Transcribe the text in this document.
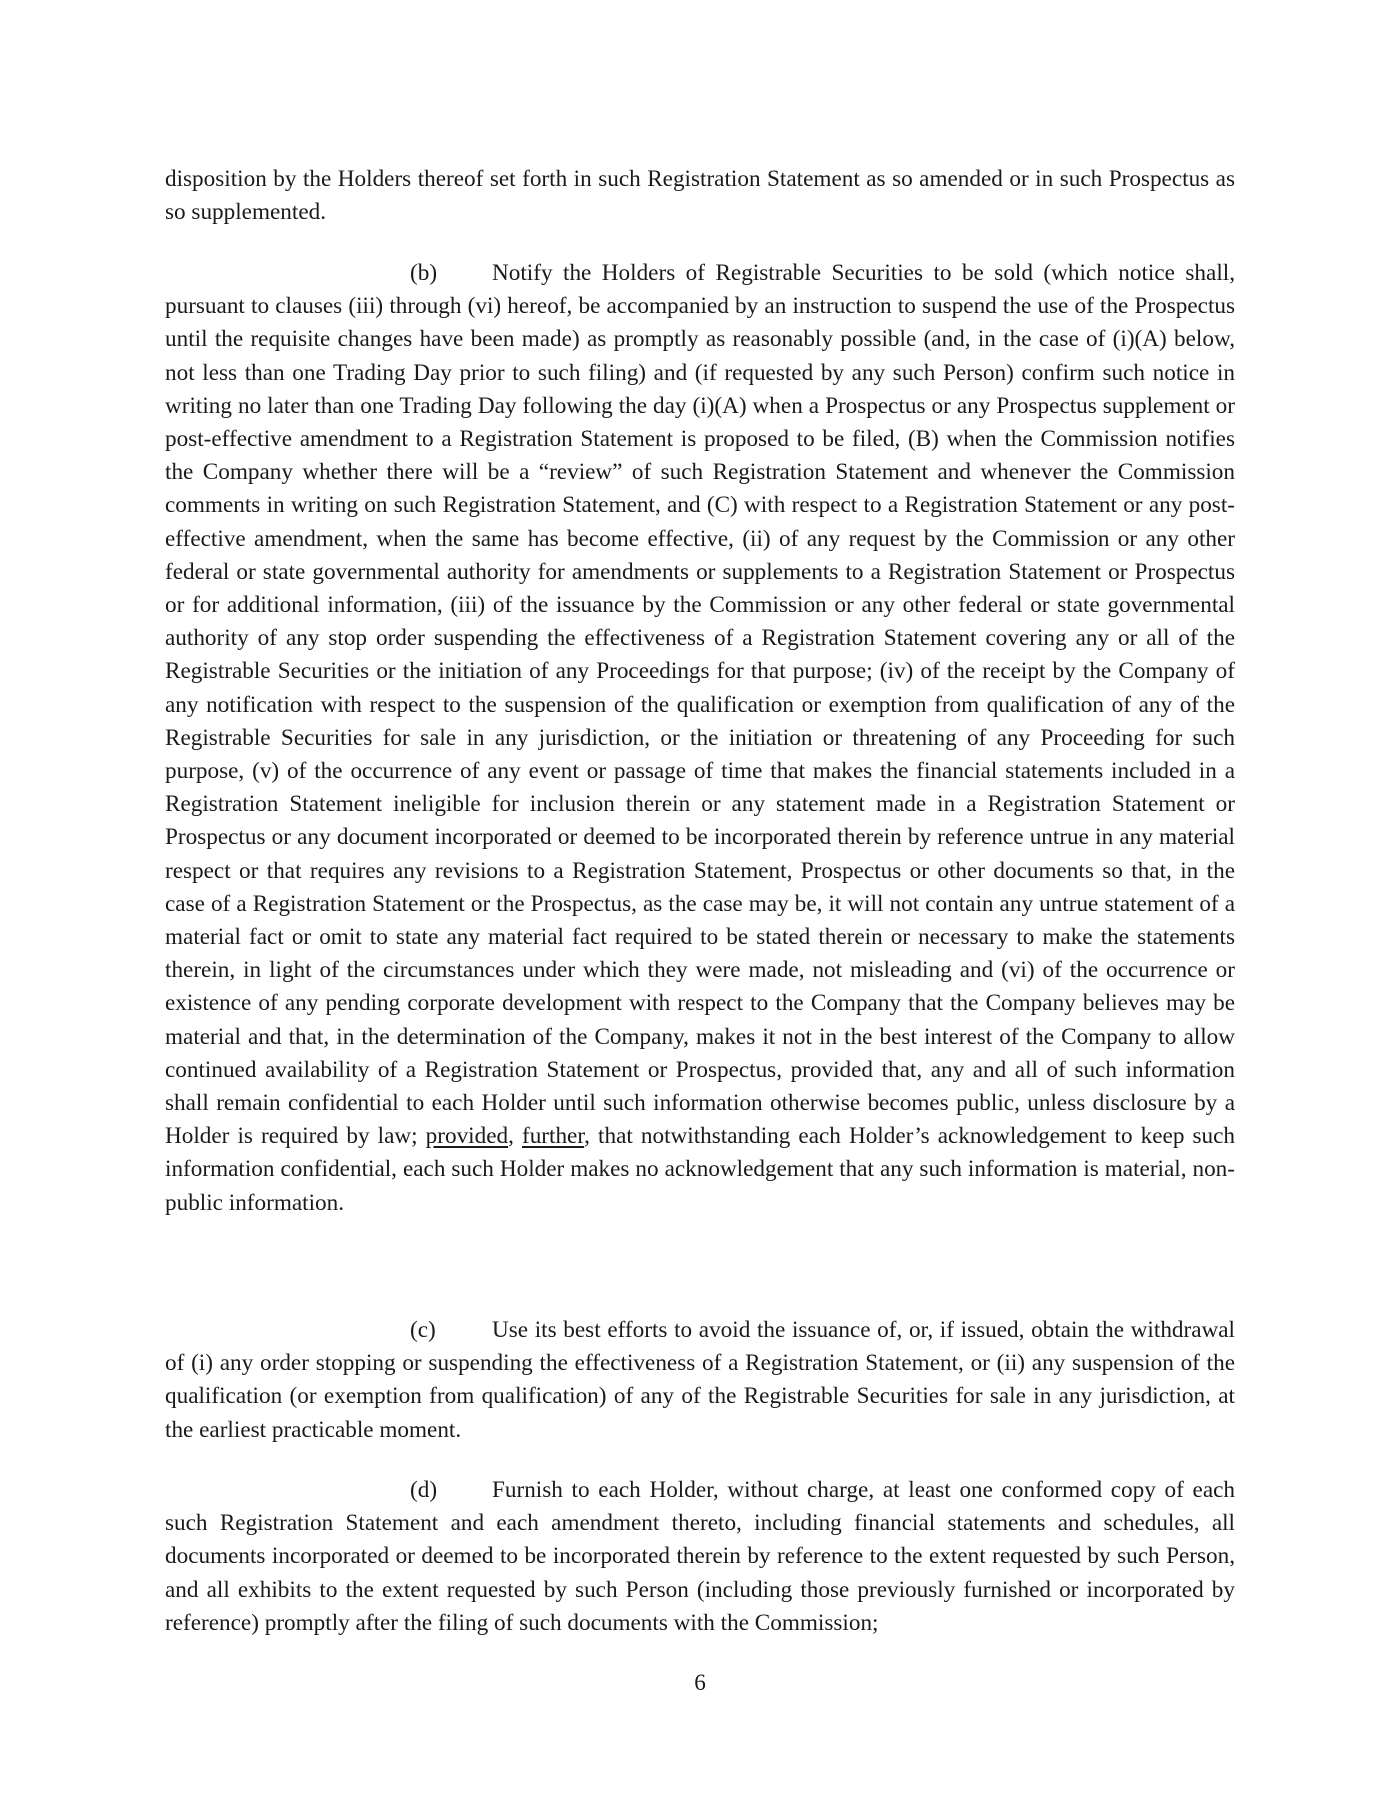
disposition by the Holders thereof set forth in such Registration Statement as so amended or in such Prospectus as so supplemented.

(b) Notify the Holders of Registrable Securities to be sold (which notice shall, pursuant to clauses (iii) through (vi) hereof, be accompanied by an instruction to suspend the use of the Prospectus until the requisite changes have been made) as promptly as reasonably possible (and, in the case of (i)(A) below, not less than one Trading Day prior to such filing) and (if requested by any such Person) confirm such notice in writing no later than one Trading Day following the day (i)(A) when a Prospectus or any Prospectus supplement or post-effective amendment to a Registration Statement is proposed to be filed, (B) when the Commission notifies the Company whether there will be a “review” of such Registration Statement and whenever the Commission comments in writing on such Registration Statement, and (C) with respect to a Registration Statement or any post-effective amendment, when the same has become effective, (ii) of any request by the Commission or any other federal or state governmental authority for amendments or supplements to a Registration Statement or Prospectus or for additional information, (iii) of the issuance by the Commission or any other federal or state governmental authority of any stop order suspending the effectiveness of a Registration Statement covering any or all of the Registrable Securities or the initiation of any Proceedings for that purpose; (iv) of the receipt by the Company of any notification with respect to the suspension of the qualification or exemption from qualification of any of the Registrable Securities for sale in any jurisdiction, or the initiation or threatening of any Proceeding for such purpose, (v) of the occurrence of any event or passage of time that makes the financial statements included in a Registration Statement ineligible for inclusion therein or any statement made in a Registration Statement or Prospectus or any document incorporated or deemed to be incorporated therein by reference untrue in any material respect or that requires any revisions to a Registration Statement, Prospectus or other documents so that, in the case of a Registration Statement or the Prospectus, as the case may be, it will not contain any untrue statement of a material fact or omit to state any material fact required to be stated therein or necessary to make the statements therein, in light of the circumstances under which they were made, not misleading and (vi) of the occurrence or existence of any pending corporate development with respect to the Company that the Company believes may be material and that, in the determination of the Company, makes it not in the best interest of the Company to allow continued availability of a Registration Statement or Prospectus, provided that, any and all of such information shall remain confidential to each Holder until such information otherwise becomes public, unless disclosure by a Holder is required by law; provided, further, that notwithstanding each Holder’s acknowledgement to keep such information confidential, each such Holder makes no acknowledgement that any such information is material, non-public information.

(c) Use its best efforts to avoid the issuance of, or, if issued, obtain the withdrawal of (i) any order stopping or suspending the effectiveness of a Registration Statement, or (ii) any suspension of the qualification (or exemption from qualification) of any of the Registrable Securities for sale in any jurisdiction, at the earliest practicable moment.

(d) Furnish to each Holder, without charge, at least one conformed copy of each such Registration Statement and each amendment thereto, including financial statements and schedules, all documents incorporated or deemed to be incorporated therein by reference to the extent requested by such Person, and all exhibits to the extent requested by such Person (including those previously furnished or incorporated by reference) promptly after the filing of such documents with the Commission;

6
